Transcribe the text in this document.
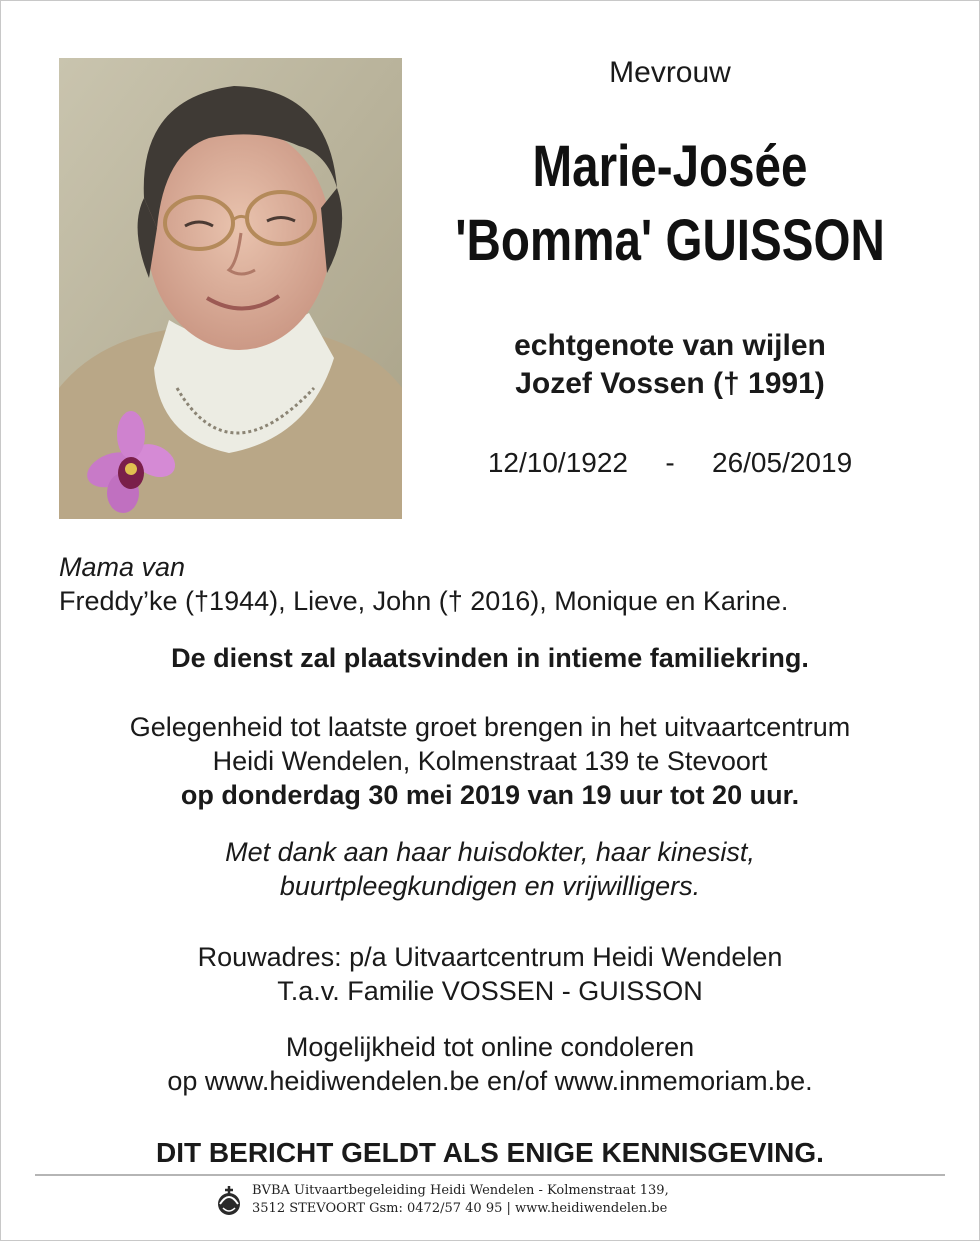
Mevrouw
Marie-Josée
'Bomma' GUISSON
echtgenote van wijlen
Jozef Vossen († 1991)
12/10/1922 - 26/05/2019
Mama van
Freddy’ke (†1944), Lieve, John († 2016), Monique en Karine.
De dienst zal plaatsvinden in intieme familiekring.
Gelegenheid tot laatste groet brengen in het uitvaartcentrum
Heidi Wendelen, Kolmenstraat 139 te Stevoort
op donderdag 30 mei 2019 van 19 uur tot 20 uur.
Met dank aan haar huisdokter, haar kinesist,
buurtpleegkundigen en vrijwilligers.
Rouwadres: p/a Uitvaartcentrum Heidi Wendelen
T.a.v. Familie VOSSEN - GUISSON
Mogelijkheid tot online condoleren
op www.heidiwendelen.be en/of www.inmemoriam.be.
DIT BERICHT GELDT ALS ENIGE KENNISGEVING.
BVBA Uitvaartbegeleiding Heidi Wendelen - Kolmenstraat 139,
3512 STEVOORT Gsm: 0472/57 40 95 | www.heidiwendelen.be
